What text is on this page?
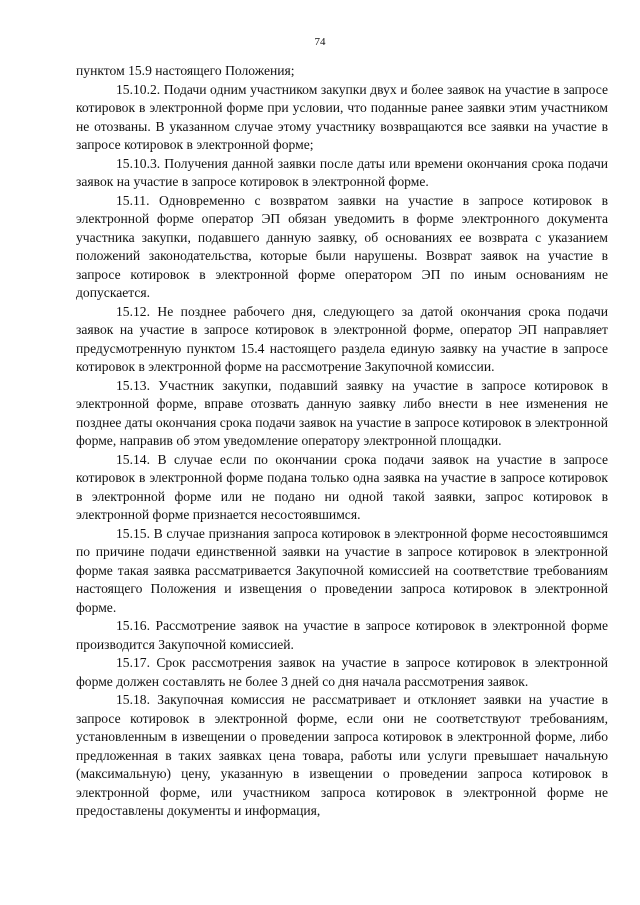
74

пунктом 15.9 настоящего Положения;

15.10.2. Подачи одним участником закупки двух и более заявок на участие в запросе котировок в электронной форме при условии, что поданные ранее заявки этим участником не отозваны. В указанном случае этому участнику возвращаются все заявки на участие в запросе котировок в электронной форме;

15.10.3. Получения данной заявки после даты или времени окончания срока подачи заявок на участие в запросе котировок в электронной форме.

15.11. Одновременно с возвратом заявки на участие в запросе котировок в электронной форме оператор ЭП обязан уведомить в форме электронного документа участника закупки, подавшего данную заявку, об основаниях ее возврата с указанием положений законодательства, которые были нарушены. Возврат заявок на участие в запросе котировок в электронной форме оператором ЭП по иным основаниям не допускается.

15.12. Не позднее рабочего дня, следующего за датой окончания срока подачи заявок на участие в запросе котировок в электронной форме, оператор ЭП направляет предусмотренную пунктом 15.4 настоящего раздела единую заявку на участие в запросе котировок в электронной форме на рассмотрение Закупочной комиссии.

15.13. Участник закупки, подавший заявку на участие в запросе котировок в электронной форме, вправе отозвать данную заявку либо внести в нее изменения не позднее даты окончания срока подачи заявок на участие в запросе котировок в электронной форме, направив об этом уведомление оператору электронной площадки.

15.14. В случае если по окончании срока подачи заявок на участие в запросе котировок в электронной форме подана только одна заявка на участие в запросе котировок в электронной форме или не подано ни одной такой заявки, запрос котировок в электронной форме признается несостоявшимся.

15.15. В случае признания запроса котировок в электронной форме несостоявшимся по причине подачи единственной заявки на участие в запросе котировок в электронной форме такая заявка рассматривается Закупочной комиссией на соответствие требованиям настоящего Положения и извещения о проведении запроса котировок в электронной форме.

15.16. Рассмотрение заявок на участие в запросе котировок в электронной форме производится Закупочной комиссией.

15.17. Срок рассмотрения заявок на участие в запросе котировок в электронной форме должен составлять не более 3 дней со дня начала рассмотрения заявок.

15.18. Закупочная комиссия не рассматривает и отклоняет заявки на участие в запросе котировок в электронной форме, если они не соответствуют требованиям, установленным в извещении о проведении запроса котировок в электронной форме, либо предложенная в таких заявках цена товара, работы или услуги превышает начальную (максимальную) цену, указанную в извещении о проведении запроса котировок в электронной форме, или участником запроса котировок в электронной форме не предоставлены документы и информация,
